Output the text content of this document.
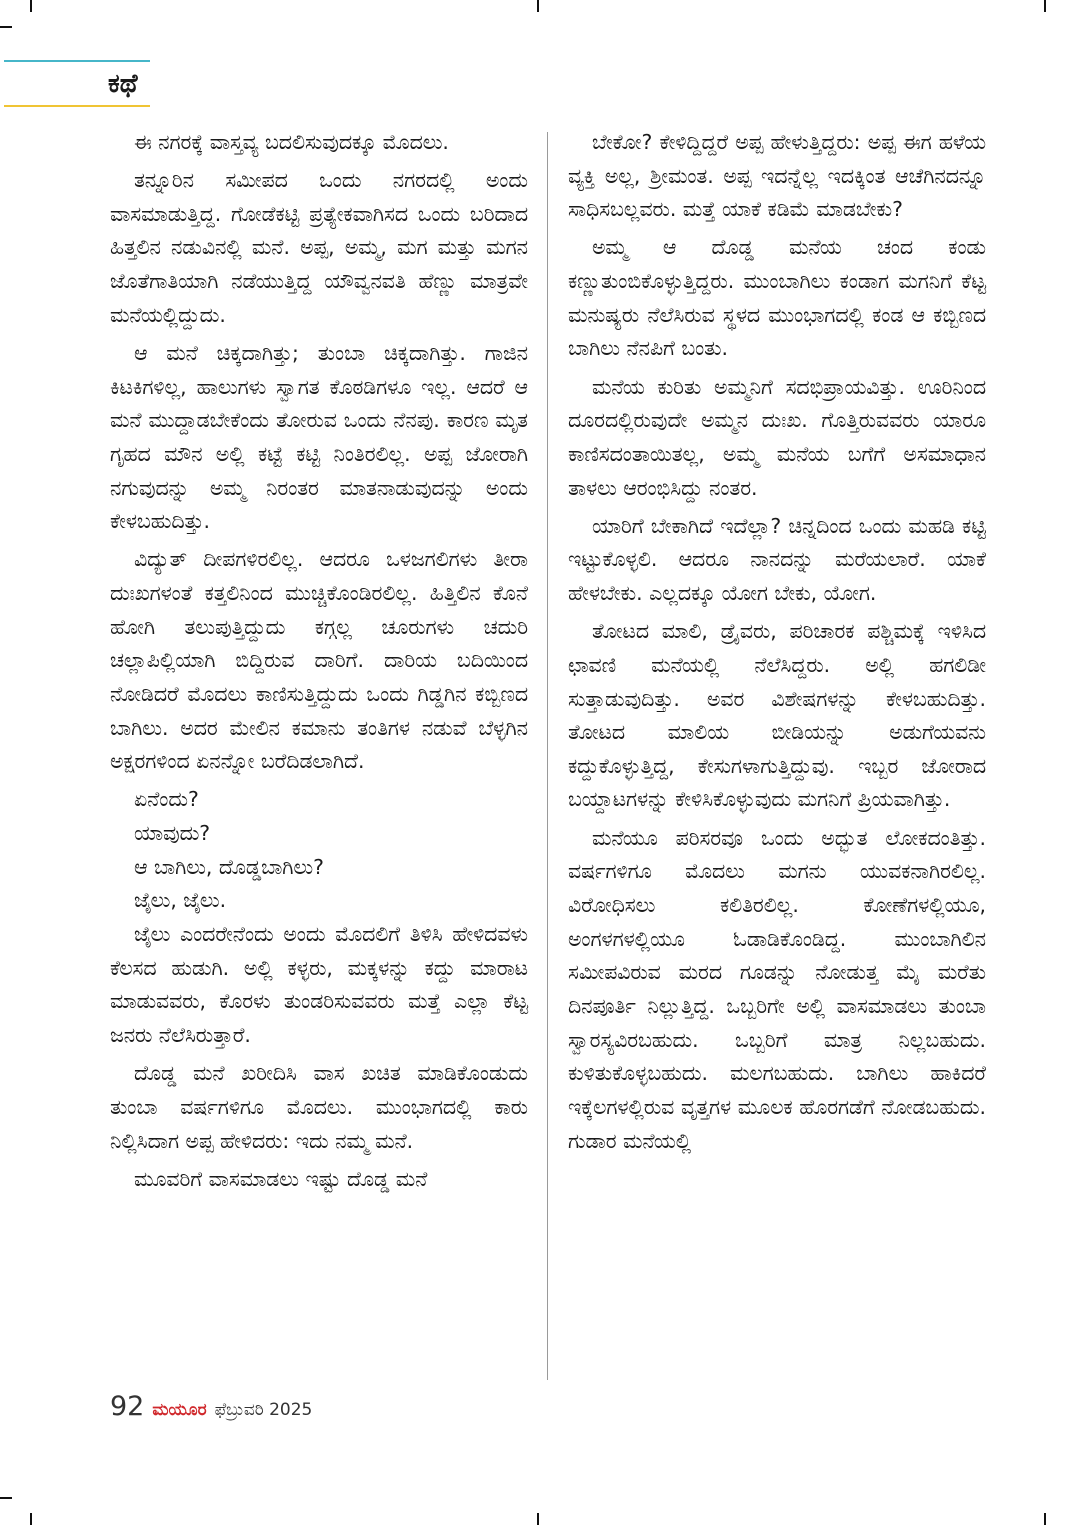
ಕಥೆ

ಈ ನಗರಕ್ಕೆ ವಾಸ್ತವ್ಯ ಬದಲಿಸುವುದಕ್ಕೂ ಮೊದಲು.

ತನ್ನೂರಿನ ಸಮೀಪದ ಒಂದು ನಗರದಲ್ಲಿ ಅಂದು ವಾಸಮಾಡುತ್ತಿದ್ದ. ಗೋಡೆಕಟ್ಟಿ ಪ್ರತ್ಯೇಕವಾಗಿಸದ ಒಂದು ಬರಿದಾದ ಹಿತ್ತಲಿನ ನಡುವಿನಲ್ಲಿ ಮನೆ. ಅಪ್ಪ, ಅಮ್ಮ, ಮಗ ಮತ್ತು ಮಗನ ಜೊತೆಗಾತಿಯಾಗಿ ನಡೆಯುತ್ತಿದ್ದ ಯೌವ್ವನವತಿ ಹೆಣ್ಣು ಮಾತ್ರವೇ ಮನೆಯಲ್ಲಿದ್ದುದು.

ಆ ಮನೆ ಚಿಕ್ಕದಾಗಿತ್ತು; ತುಂಬಾ ಚಿಕ್ಕದಾಗಿತ್ತು. ಗಾಜಿನ ಕಿಟಕಿಗಳಿಲ್ಲ, ಹಾಲುಗಳು ಸ್ವಾಗತ ಕೊಠಡಿಗಳೂ ಇಲ್ಲ. ಆದರೆ ಆ ಮನೆ ಮುದ್ದಾಡಬೇಕೆಂದು ತೋರುವ ಒಂದು ನೆನಪು. ಕಾರಣ ಮೃತ ಗೃಹದ ಮೌನ ಅಲ್ಲಿ ಕಟ್ಟೆ ಕಟ್ಟಿ ನಿಂತಿರಲಿಲ್ಲ. ಅಪ್ಪ ಜೋರಾಗಿ ನಗುವುದನ್ನು ಅಮ್ಮ ನಿರಂತರ ಮಾತನಾಡುವುದನ್ನು ಅಂದು ಕೇಳಬಹುದಿತ್ತು.

ವಿದ್ಯುತ್ ದೀಪಗಳಿರಲಿಲ್ಲ. ಆದರೂ ಒಳಜಗಲಿಗಳು ತೀರಾ ದುಃಖಗಳಂತೆ ಕತ್ತಲಿನಿಂದ ಮುಚ್ಚಿಕೊಂಡಿರಲಿಲ್ಲ. ಹಿತ್ತಿಲಿನ ಕೊನೆ ಹೋಗಿ ತಲುಪುತ್ತಿದ್ದುದು ಕಗ್ಗಲ್ಲ ಚೂರುಗಳು ಚದುರಿ ಚಲ್ಲಾಪಿಲ್ಲಿಯಾಗಿ ಬಿದ್ದಿರುವ ದಾರಿಗೆ. ದಾರಿಯ ಬದಿಯಿಂದ ನೋಡಿದರೆ ಮೊದಲು ಕಾಣಿಸುತ್ತಿದ್ದುದು ಒಂದು ಗಿಡ್ಡಗಿನ ಕಬ್ಬಿಣದ ಬಾಗಿಲು. ಅದರ ಮೇಲಿನ ಕಮಾನು ತಂತಿಗಳ ನಡುವೆ ಬೆಳ್ಳಗಿನ ಅಕ್ಷರಗಳಿಂದ ಏನನ್ನೋ ಬರೆದಿಡಲಾಗಿದೆ.

ಏನೆಂದು?

ಯಾವುದು?

ಆ ಬಾಗಿಲು, ದೊಡ್ಡಬಾಗಿಲು?

ಜೈಲು, ಜೈಲು.

ಜೈಲು ಎಂದರೇನೆಂದು ಅಂದು ಮೊದಲಿಗೆ ತಿಳಿಸಿ ಹೇಳಿದವಳು ಕೆಲಸದ ಹುಡುಗಿ. ಅಲ್ಲಿ ಕಳ್ಳರು, ಮಕ್ಕಳನ್ನು ಕದ್ದು ಮಾರಾಟ ಮಾಡುವವರು, ಕೊರಳು ತುಂಡರಿಸುವವರು ಮತ್ತೆ ಎಲ್ಲಾ ಕೆಟ್ಟ ಜನರು ನೆಲೆಸಿರುತ್ತಾರೆ.

ದೊಡ್ಡ ಮನೆ ಖರೀದಿಸಿ ವಾಸ ಖಚಿತ ಮಾಡಿಕೊಂಡುದು ತುಂಬಾ ವರ್ಷಗಳಿಗೂ ಮೊದಲು. ಮುಂಭಾಗದಲ್ಲಿ ಕಾರು ನಿಲ್ಲಿಸಿದಾಗ ಅಪ್ಪ ಹೇಳಿದರು: ಇದು ನಮ್ಮ ಮನೆ.

ಮೂವರಿಗೆ ವಾಸಮಾಡಲು ಇಷ್ಟು ದೊಡ್ಡ ಮನೆ

ಬೇಕೋ? ಕೇಳಿದ್ದಿದ್ದರೆ ಅಪ್ಪ ಹೇಳುತ್ತಿದ್ದರು: ಅಪ್ಪ ಈಗ ಹಳೆಯ ವ್ಯಕ್ತಿ ಅಲ್ಲ, ಶ್ರೀಮಂತ. ಅಪ್ಪ ಇದನ್ನೆಲ್ಲ ಇದಕ್ಕಿಂತ ಆಚೆಗಿನದನ್ನೂ ಸಾಧಿಸಬಲ್ಲವರು. ಮತ್ತೆ ಯಾಕೆ ಕಡಿಮೆ ಮಾಡಬೇಕು?

ಅಮ್ಮ ಆ ದೊಡ್ಡ ಮನೆಯ ಚಂದ ಕಂಡು ಕಣ್ಣುತುಂಬಿಕೊಳ್ಳುತ್ತಿದ್ದರು. ಮುಂಬಾಗಿಲು ಕಂಡಾಗ ಮಗನಿಗೆ ಕೆಟ್ಟ ಮನುಷ್ಯರು ನೆಲೆಸಿರುವ ಸ್ಥಳದ ಮುಂಭಾಗದಲ್ಲಿ ಕಂಡ ಆ ಕಬ್ಬಿಣದ ಬಾಗಿಲು ನೆನಪಿಗೆ ಬಂತು.

ಮನೆಯ ಕುರಿತು ಅಮ್ಮನಿಗೆ ಸದಭಿಪ್ರಾಯವಿತ್ತು. ಊರಿನಿಂದ ದೂರದಲ್ಲಿರುವುದೇ ಅಮ್ಮನ ದುಃಖ. ಗೊತ್ತಿರುವವರು ಯಾರೂ ಕಾಣಿಸದಂತಾಯಿತಲ್ಲ, ಅಮ್ಮ ಮನೆಯ ಬಗೆಗೆ ಅಸಮಾಧಾನ ತಾಳಲು ಆರಂಭಿಸಿದ್ದು ನಂತರ.

ಯಾರಿಗೆ ಬೇಕಾಗಿದೆ ಇದೆಲ್ಲಾ? ಚಿನ್ನದಿಂದ ಒಂದು ಮಹಡಿ ಕಟ್ಟಿ ಇಟ್ಟುಕೊಳ್ಳಲಿ. ಆದರೂ ನಾನದನ್ನು ಮರೆಯಲಾರೆ. ಯಾಕೆ ಹೇಳಬೇಕು. ಎಲ್ಲದಕ್ಕೂ ಯೋಗ ಬೇಕು, ಯೋಗ.

ತೋಟದ ಮಾಲಿ, ಡ್ರೈವರು, ಪರಿಚಾರಕ ಪಶ್ಚಿಮಕ್ಕೆ ಇಳಿಸಿದ ಛಾವಣಿ ಮನೆಯಲ್ಲಿ ನೆಲೆಸಿದ್ದರು. ಅಲ್ಲಿ ಹಗಲಿಡೀ ಸುತ್ತಾಡುವುದಿತ್ತು. ಅವರ ವಿಶೇಷಗಳನ್ನು ಕೇಳಬಹುದಿತ್ತು. ತೋಟದ ಮಾಲಿಯ ಬೀಡಿಯನ್ನು ಅಡುಗೆಯವನು ಕದ್ದುಕೊಳ್ಳುತ್ತಿದ್ದ, ಕೇಸುಗಳಾಗುತ್ತಿದ್ದುವು. ಇಬ್ಬರ ಜೋರಾದ ಬಯ್ದಾಟಗಳನ್ನು ಕೇಳಿಸಿಕೊಳ್ಳುವುದು ಮಗನಿಗೆ ಪ್ರಿಯವಾಗಿತ್ತು.

ಮನೆಯೂ ಪರಿಸರವೂ ಒಂದು ಅದ್ಭುತ ಲೋಕದಂತಿತ್ತು. ವರ್ಷಗಳಿಗೂ ಮೊದಲು ಮಗನು ಯುವಕನಾಗಿರಲಿಲ್ಲ. ವಿರೋಧಿಸಲು ಕಲಿತಿರಲಿಲ್ಲ. ಕೋಣೆಗಳಲ್ಲಿಯೂ, ಅಂಗಳಗಳಲ್ಲಿಯೂ ಓಡಾಡಿಕೊಂಡಿದ್ದ. ಮುಂಬಾಗಿಲಿನ ಸಮೀಪವಿರುವ ಮರದ ಗೂಡನ್ನು ನೋಡುತ್ತ ಮೈ ಮರೆತು ದಿನಪೂರ್ತಿ ನಿಲ್ಲುತ್ತಿದ್ದ. ಒಬ್ಬರಿಗೇ ಅಲ್ಲಿ ವಾಸಮಾಡಲು ತುಂಬಾ ಸ್ವಾರಸ್ಯವಿರಬಹುದು. ಒಬ್ಬರಿಗೆ ಮಾತ್ರ ನಿಲ್ಲಬಹುದು. ಕುಳಿತುಕೊಳ್ಳಬಹುದು. ಮಲಗಬಹುದು. ಬಾಗಿಲು ಹಾಕಿದರೆ ಇಕ್ಕೆಲಗಳಲ್ಲಿರುವ ವೃತ್ತಗಳ ಮೂಲಕ ಹೊರಗಡೆಗೆ ನೋಡಬಹುದು. ಗುಡಾರ ಮನೆಯಲ್ಲಿ

92 ಮಯೂರ ಫೆಬ್ರುವರಿ 2025
